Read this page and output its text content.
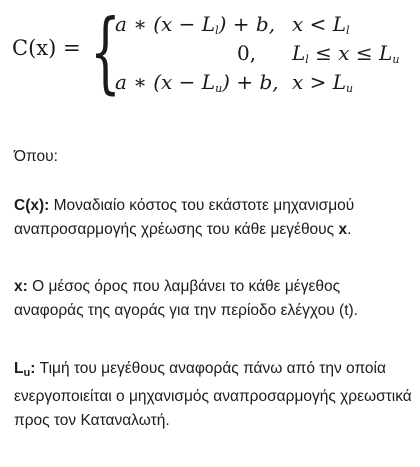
C(x) = {
a ∗ $(x - L_l) + b$, $x < L_l$
0, $L_l \le x \le L_u$
a ∗ $(x - L_u) + b$, $x > L_u$
Όπου:
C(x): Μοναδιαίο κόστος του εκάστοτε μηχανισμού αναπροσαρμογής χρέωσης του κάθε μεγέθους x.
x: Ο μέσος όρος που λαμβάνει το κάθε μέγεθος αναφοράς της αγοράς για την περίοδο ελέγχου (t).
$L_u$: Τιμή του μεγέθους αναφοράς πάνω από την οποία ενεργοποιείται ο μηχανισμός αναπροσαρμογής χρεωστικά προς τον Καταναλωτή.
